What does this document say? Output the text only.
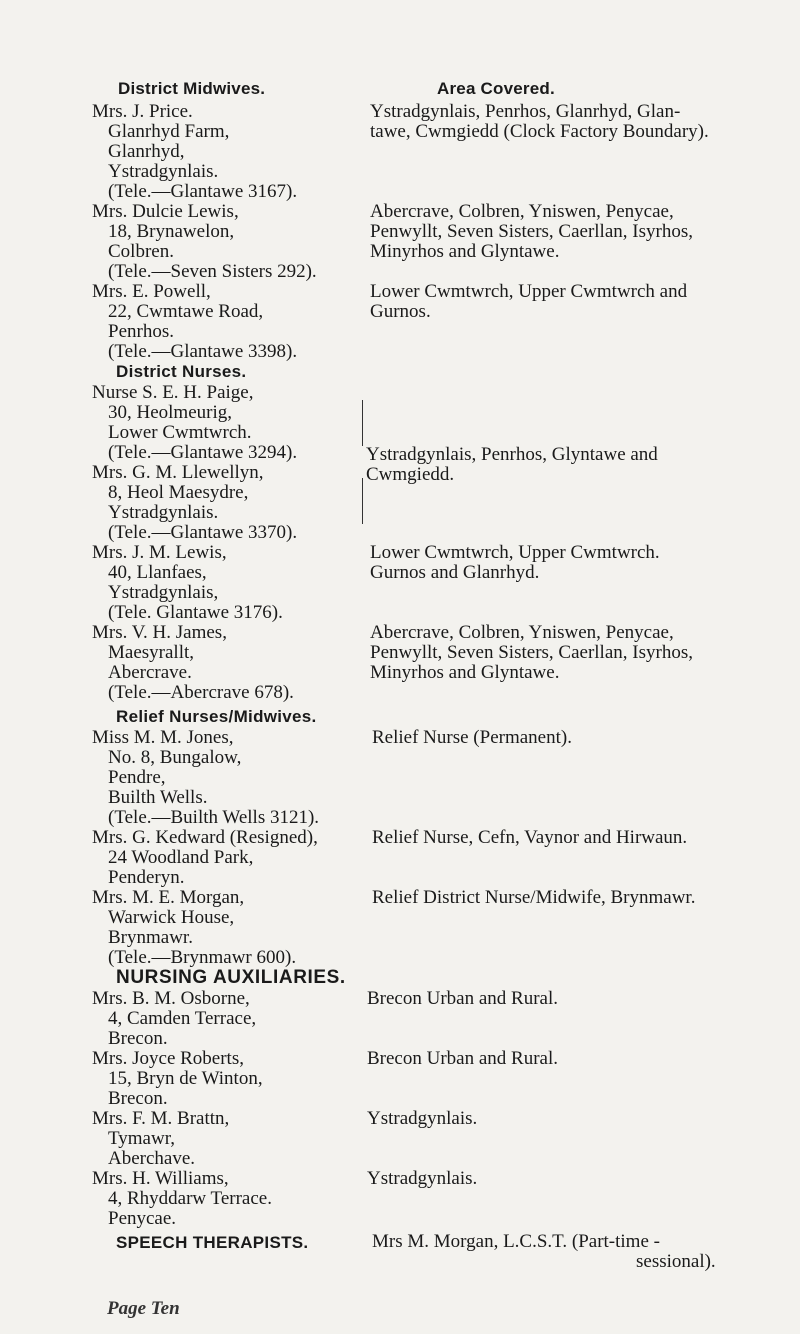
District Midwives.	Area Covered.
Mrs. J. Price.
Glanrhyd Farm,
Glanrhyd,
Ystradgynlais.
(Tele.—Glantawe 3167).
Ystradgynlais, Penrhos, Glanrhyd, Glan-
tawe, Cwmgiedd (Clock Factory Boundary).
Mrs. Dulcie Lewis,
18, Brynawelon,
Colbren.
(Tele.—Seven Sisters 292).
Abercrave, Colbren, Yniswen, Penycae,
Penwyllt, Seven Sisters, Caerllan, Isyrhos,
Minyrhos and Glyntawe.
Mrs. E. Powell,
22, Cwmtawe Road,
Penrhos.
(Tele.—Glantawe 3398).
Lower Cwmtwrch, Upper Cwmtwrch and
Gurnos.
District Nurses.
Nurse S. E. H. Paige,
30, Heolmeurig,
Lower Cwmtwrch.
(Tele.—Glantawe 3294).
Mrs. G. M. Llewellyn,
8, Heol Maesydre,
Ystradgynlais.
(Tele.—Glantawe 3370).
Ystradgynlais, Penrhos, Glyntawe and
Cwmgiedd.
Mrs. J. M. Lewis,
40, Llanfaes,
Ystradgynlais,
(Tele. Glantawe 3176).
Lower Cwmtwrch, Upper Cwmtwrch.
Gurnos and Glanrhyd.
Mrs. V. H. James,
Maesyrallt,
Abercrave.
(Tele.—Abercrave 678).
Abercrave, Colbren, Yniswen, Penycae,
Penwyllt, Seven Sisters, Caerllan, Isyrhos,
Minyrhos and Glyntawe.
Relief Nurses/Midwives.
Miss M. M. Jones,
No. 8, Bungalow,
Pendre,
Builth Wells.
(Tele.—Builth Wells 3121).
Relief Nurse (Permanent).
Mrs. G. Kedward (Resigned),
24 Woodland Park,
Penderyn.
Relief Nurse, Cefn, Vaynor and Hirwaun.
Mrs. M. E. Morgan,
Warwick House,
Brynmawr.
(Tele.—Brynmawr 600).
Relief District Nurse/Midwife, Brynmawr.
NURSING AUXILIARIES.
Mrs. B. M. Osborne,
4, Camden Terrace,
Brecon.
Brecon Urban and Rural.
Mrs. Joyce Roberts,
15, Bryn de Winton,
Brecon.
Brecon Urban and Rural.
Mrs. F. M. Brattn,
Tymawr,
Aberchave.
Ystradgynlais.
Mrs. H. Williams,
4, Rhyddarw Terrace.
Penycae.
Ystradgynlais.
SPEECH THERAPISTS.	Mrs M. Morgan, L.C.S.T. (Part-time -
sessional).
Page Ten
